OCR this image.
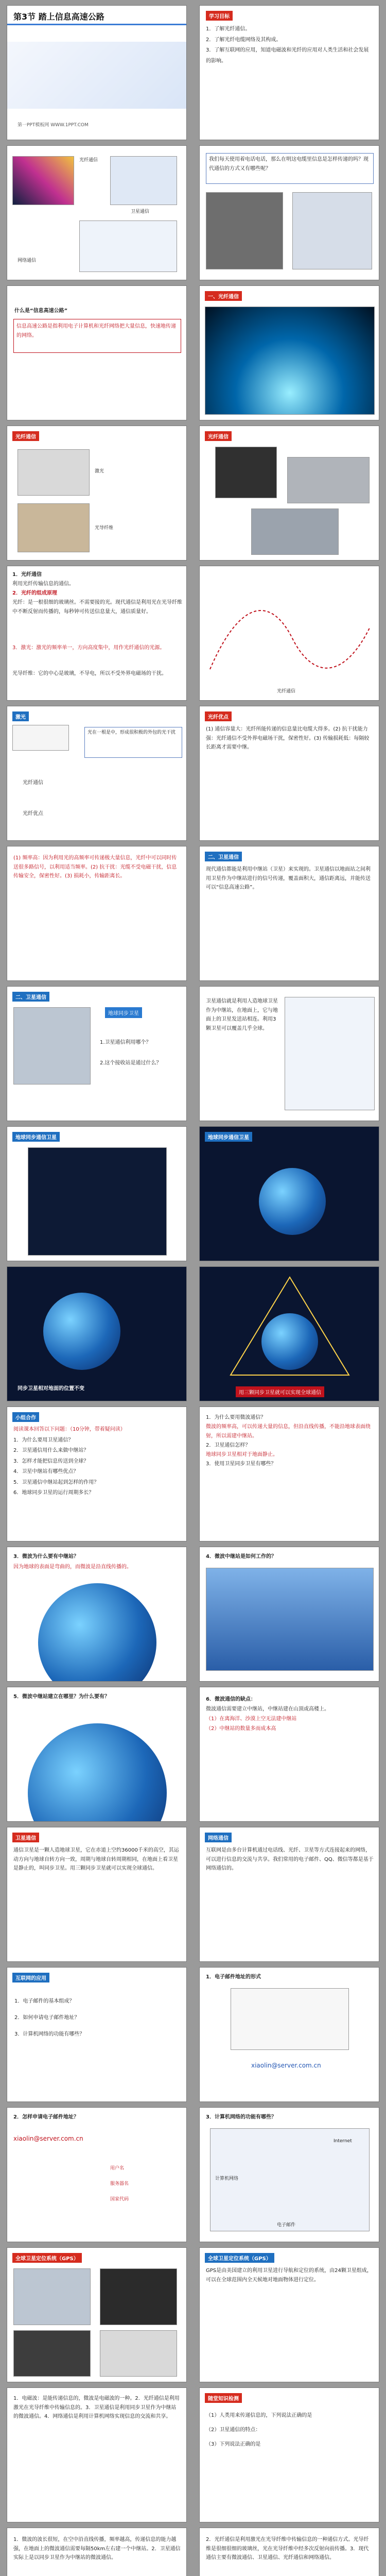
第3节 踏上信息高速公路
第一PPT模板网 WWW.1PPT.COM
学习目标
1．了解光纤通信。
2．了解光纤电缆网络及其构成。
3．了解互联网的应用，知道电磁波和光纤的应用对人类生活和社会发展的影响。
光纤通信
卫星通信
网络通信
我们每天使用着电话电话，那么在明这电缆里信息是怎样传递的吗？现代通信的方式又有哪些呢？
什么是“信息高速公路”
信息高速公路是指利用电子计算机和光纤网络把大量信息，快速地传递的网络。
一、光纤通信
光纤通信
激光
光导纤维
光纤通信
1．光纤通信
利用光纤传输信息的通信。
2．光纤的组成原理
光纤：是一根很细的玻璃丝。不需要接的光。现代通信是利用光在光导纤维中不断反射而传播的，每秒钟可传送信息量大，通信质量好。
3．激光：激光的频率单一，方向高度集中，用作光纤通信的光源。
光导纤维：它的中心是玻璃，不导电，所以不受外界电磁场的干扰。
光纤通信
激光
光在一根是中，形成很积极的外包的光干扰
光纤通信
光纤优点
光纤优点
(1) 通信容量大：光纤所能传递的信息量比电缆大得多。(2) 抗干扰能力强：光纤通信不受外界电磁场干扰，保密性好。(3) 传输损耗低：每隔较长距离才需要中继。
(1) 频率高：因为利用光的高频率可传递极大量信息，光纤中可以同时传送很多路信号，以利用适当频率。(2) 抗干扰：光缆不受电磁干扰，信息传输安全，保密性好。(3) 损耗小，传输距离长。
二、卫星通信
现代通信都能是利用中继站（卫星）来实现的。卫星通信以地面站之间利用卫星作为中继站进行的信号传递，覆盖面积大，通信距离远，并能传送可以“信息高速公路”。
二、卫星通信
地球同步卫星
1.卫星通信利用哪个？
2.这个接收站是通过什么？
卫星通信就是利用人造地球卫星作为中继站，在地面上，它与地面上的卫星发送站相连。利用3颗卫星可以覆盖几乎全球。
地球同步通信卫星	地球同步通信卫星
同步卫星相对地面的位置不变
用三颗同步卫星就可以实现全球通信
小组合作
阅读课本回答以下问题：（10分钟，带着疑问读）
1．为什么要用卫星通信？
2．卫星通信用什么来做中继站？
3．怎样才能把信息传送到全球？
4．卫星中继站有哪些优点？
5．卫星通信中继站起到怎样的作用？
6．地球同步卫星的运行周期多长？
1．为什么要用微波通信？
微波的频率高，可以传递大量的信息，但沿直线传播，不能沿地球表面绕射，所以需建中继站。
2．卫星通信怎样？
地球同步卫星相对于地面静止。
3．使用卫星同步卫星有哪些？
3．微波为什么要有中继站？
因为地球的表面是弯曲的，而微波是沿直线传播的。
4．微波中继站是如何工作的？
5．微波中继站建立在哪里？为什么要有？	6．微波通信的缺点：
微波通信需要建立中继站，中继站建在山顶或高楼上。
（1）在离海洋、沙漠上空无法建中继站
（2）中继站的数量多而成本高
卫星通信
通信卫星是一颗人造地球卫星，它在赤道上空约36000千米的高空，其运动方向与地球自转方向一致，周期与地球自转周期相同，在地面上看卫星是静止的，叫同步卫星。用三颗同步卫星就可以实现全球通信。
网络通信
互联网是由多台计算机通过电话线、光纤、卫星等方式连接起来的网络，可以进行信息的交流与共享。我们常用的电子邮件、QQ、微信等都是基于网络通信的。
互联网的应用
1．电子邮件的基本组成？
2．如何申请电子邮件地址？
3．计算机网络的功能有哪些？
1．电子邮件地址的形式
xiaolin@server.com.cn
2．怎样申请电子邮件地址？
xiaolin@server.com.cn
用户名
服务器名
国家代码
3．计算机网络的功能有哪些？
Internet
计算机网络
电子邮件
全球卫星定位系统（GPS）	全球卫星定位系统（GPS）
GPS是由美国建立的利用卫星进行导航和定位的系统，由24颗卫星组成，可以在全球范围内全天候地对地面物体进行定位。
1．电磁波：是能传递信息的，微波是电磁波的一种。2．光纤通信是利用激光在光导纤维中传输信息的。3．卫星通信是利用同步卫星作为中继站的微波通信。4．网络通信是利用计算机网络实现信息的交流和共享。
随堂知识检测
（1）人类用来传递信息的，下列说法正确的是
（2）卫星通信的特点：
（3）下列说法正确的是
1．微波的波长很短，在空中沿直线传播，频率越高，传递信息的能力越强，在地面上的微波通信需要每隔50km左右建一个中继站。2．卫星通信实际上是以同步卫星作为中继站的微波通信。
2．光纤通信是利用激光在光导纤维中传输信息的一种通信方式。光导纤维是很细很细的玻璃丝，光在光导纤维中经多次反射向前传播。3．现代通信主要有微波通信、卫星通信、光纤通信和网络通信。
